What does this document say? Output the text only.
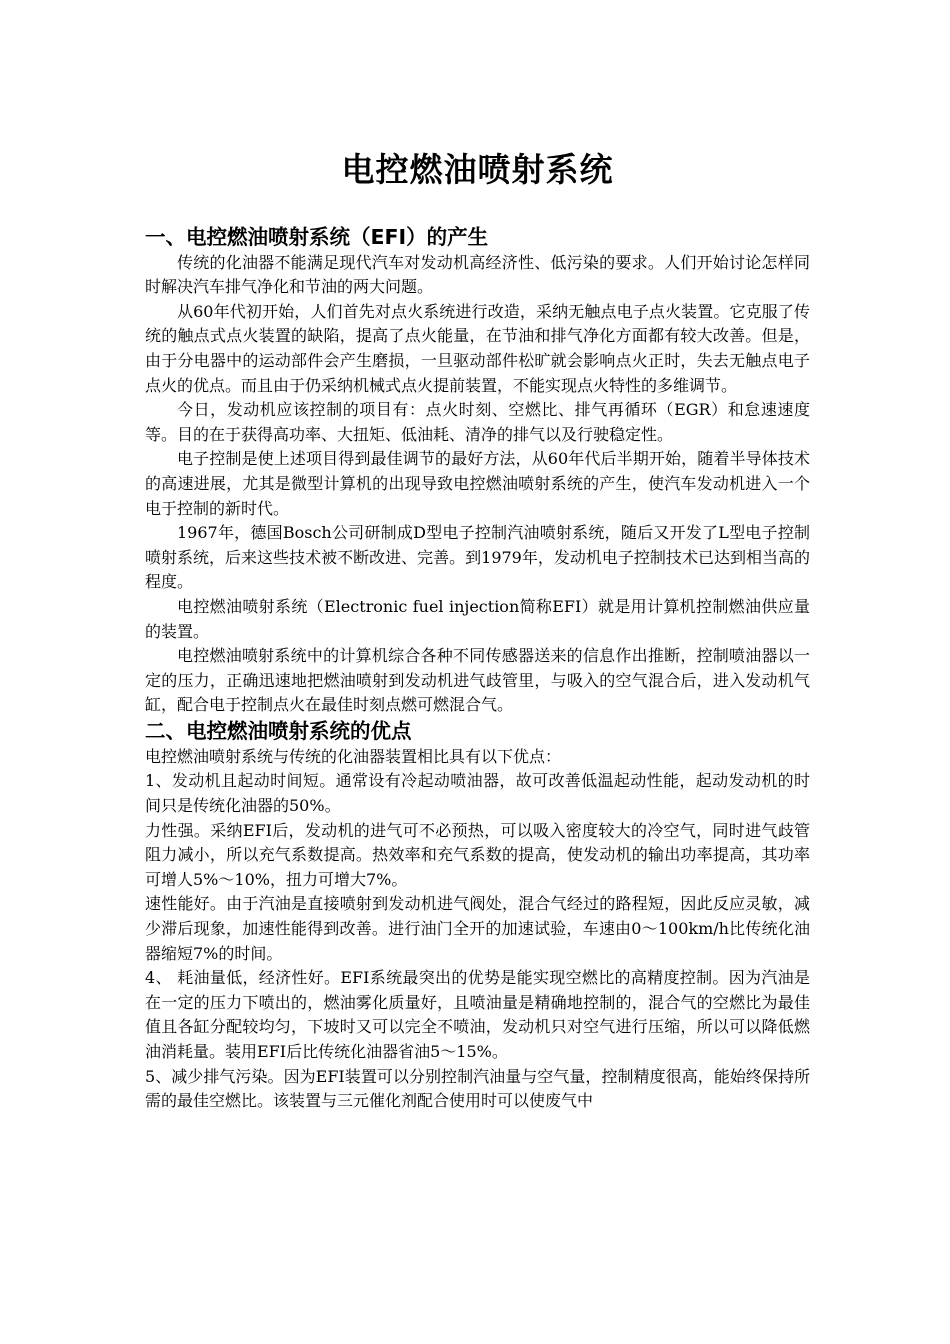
电控燃油喷射系统
一、电控燃油喷射系统（EFI）的产生

传统的化油器不能满足现代汽车对发动机高经济性、低污染的要求。人们开始讨论怎样同时解决汽车排气净化和节油的两大问题。

从60年代初开始，人们首先对点火系统进行改造，采纳无触点电子点火装置。它克服了传统的触点式点火装置的缺陷，提高了点火能量，在节油和排气净化方面都有较大改善。但是，由于分电器中的运动部件会产生磨损，一旦驱动部件松旷就会影响点火正时，失去无触点电子点火的优点。而且由于仍采纳机械式点火提前装置，不能实现点火特性的多维调节。

今日，发动机应该控制的项目有：点火时刻、空燃比、排气再循环（EGR）和怠速速度等。目的在于获得高功率、大扭矩、低油耗、清净的排气以及行驶稳定性。

电子控制是使上述项目得到最佳调节的最好方法，从60年代后半期开始，随着半导体技术的高速进展，尤其是微型计算机的出现导致电控燃油喷射系统的产生，使汽车发动机进入一个电于控制的新时代。

1967年，德国Bosch公司研制成D型电子控制汽油喷射系统，随后又开发了L型电子控制喷射系统，后来这些技术被不断改进、完善。到1979年，发动机电子控制技术已达到相当高的程度。

电控燃油喷射系统（Electronic fuel injection简称EFI）就是用计算机控制燃油供应量的装置。

电控燃油喷射系统中的计算机综合各种不同传感器送来的信息作出推断，控制喷油器以一定的压力，正确迅速地把燃油喷射到发动机进气歧管里，与吸入的空气混合后，进入发动机气缸，配合电于控制点火在最佳时刻点燃可燃混合气。

二、电控燃油喷射系统的优点

电控燃油喷射系统与传统的化油器装置相比具有以下优点：

1、发动机且起动时间短。通常设有冷起动喷油器，故可改善低温起动性能，起动发动机的时间只是传统化油器的50%。

力性强。采纳EFI后，发动机的进气可不必预热，可以吸入密度较大的冷空气，同时进气歧管阻力减小，所以充气系数提高。热效率和充气系数的提高，使发动机的输出功率提高，其功率可增人5%～10%，扭力可增大7%。

速性能好。由于汽油是直接喷射到发动机进气阀处，混合气经过的路程短，因此反应灵敏，减少滞后现象，加速性能得到改善。进行油门全开的加速试验，车速由0～100km/h比传统化油器缩短7%的时间。

4、 耗油量低，经济性好。EFI系统最突出的优势是能实现空燃比的高精度控制。因为汽油是在一定的压力下喷出的，燃油雾化质量好，且喷油量是精确地控制的，混合气的空燃比为最佳值且各缸分配较均匀，下坡时又可以完全不喷油，发动机只对空气进行压缩，所以可以降低燃油消耗量。装用EFI后比传统化油器省油5～15%。

5、减少排气污染。因为EFI装置可以分别控制汽油量与空气量，控制精度很高，能始终保持所需的最佳空燃比。该装置与三元催化剂配合使用时可以使废气中
